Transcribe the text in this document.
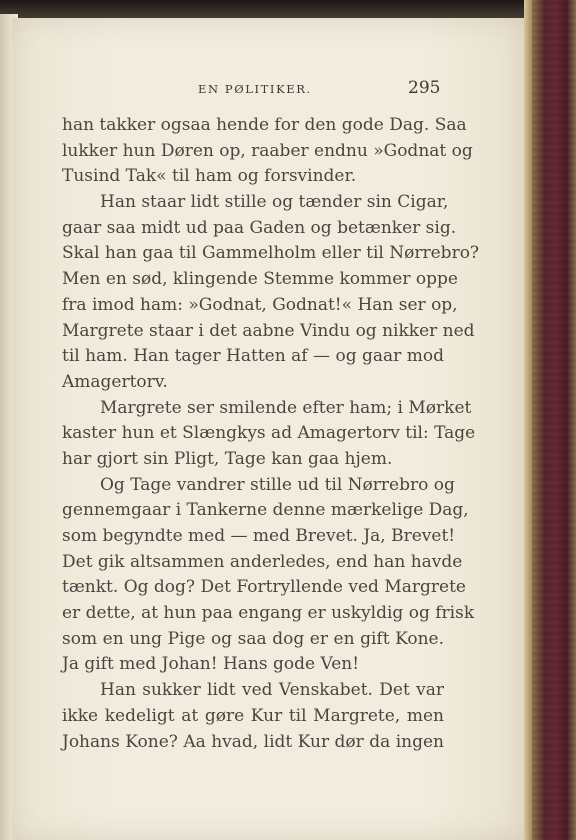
EN PØLITIKER.	295
han takker ogsaa hende for den gode Dag. Saa
lukker hun Døren op, raaber endnu »Godnat og
Tusind Tak« til ham og forsvinder.
Han staar lidt stille og tænder sin Cigar,
gaar saa midt ud paa Gaden og betænker sig.
Skal han gaa til Gammelholm eller til Nørrebro?
Men en sød, klingende Stemme kommer oppe
fra imod ham: »Godnat, Godnat!« Han ser op,
Margrete staar i det aabne Vindu og nikker ned
til ham. Han tager Hatten af — og gaar mod
Amagertorv.
Margrete ser smilende efter ham; i Mørket
kaster hun et Slængkys ad Amagertorv til: Tage
har gjort sin Pligt, Tage kan gaa hjem.
Og Tage vandrer stille ud til Nørrebro og
gennemgaar i Tankerne denne mærkelige Dag,
som begyndte med — med Brevet. Ja, Brevet!
Det gik altsammen anderledes, end han havde
tænkt. Og dog? Det Fortryllende ved Margrete
er dette, at hun paa engang er uskyldig og frisk
som en ung Pige og saa dog er en gift Kone.
Ja gift med Johan! Hans gode Ven!
Han sukker lidt ved Venskabet. Det var
ikke kedeligt at gøre Kur til Margrete, men
Johans Kone? Aa hvad, lidt Kur dør da ingen
